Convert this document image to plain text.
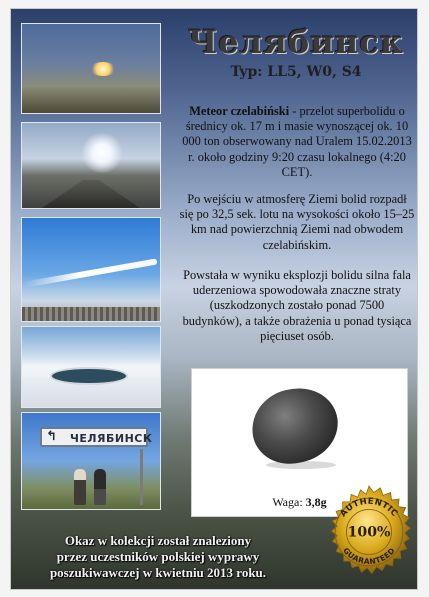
↰	ЧЕЛЯБИНСК
Челябинск
Typ: LL5, W0, S4
Meteor czelabiński - przelot superbolidu o średnicy ok. 17 m i masie wynoszącej ok. 10 000 ton obserwowany nad Uralem 15.02.2013 r. około godziny 9:20 czasu lokalnego (4:20 CET).
Po wejściu w atmosferę Ziemi bolid rozpadł się po 32,5 sek. lotu na wysokości około 15–25 km nad powierzchnią Ziemi nad obwodem czelabińskim.
Powstała w wyniku eksplozji bolidu silna fala uderzeniowa spowodowała znaczne straty (uszkodzonych zostało ponad 7500 budynków), a także obrażenia u ponad tysiąca pięciuset osób.
Waga: 3,8g
Okaz w kolekcji został znaleziony
przez uczestników polskiej wyprawy
poszukiwawczej w kwietniu 2013 roku.
AUTHENTIC
100%
GUARANTEED
